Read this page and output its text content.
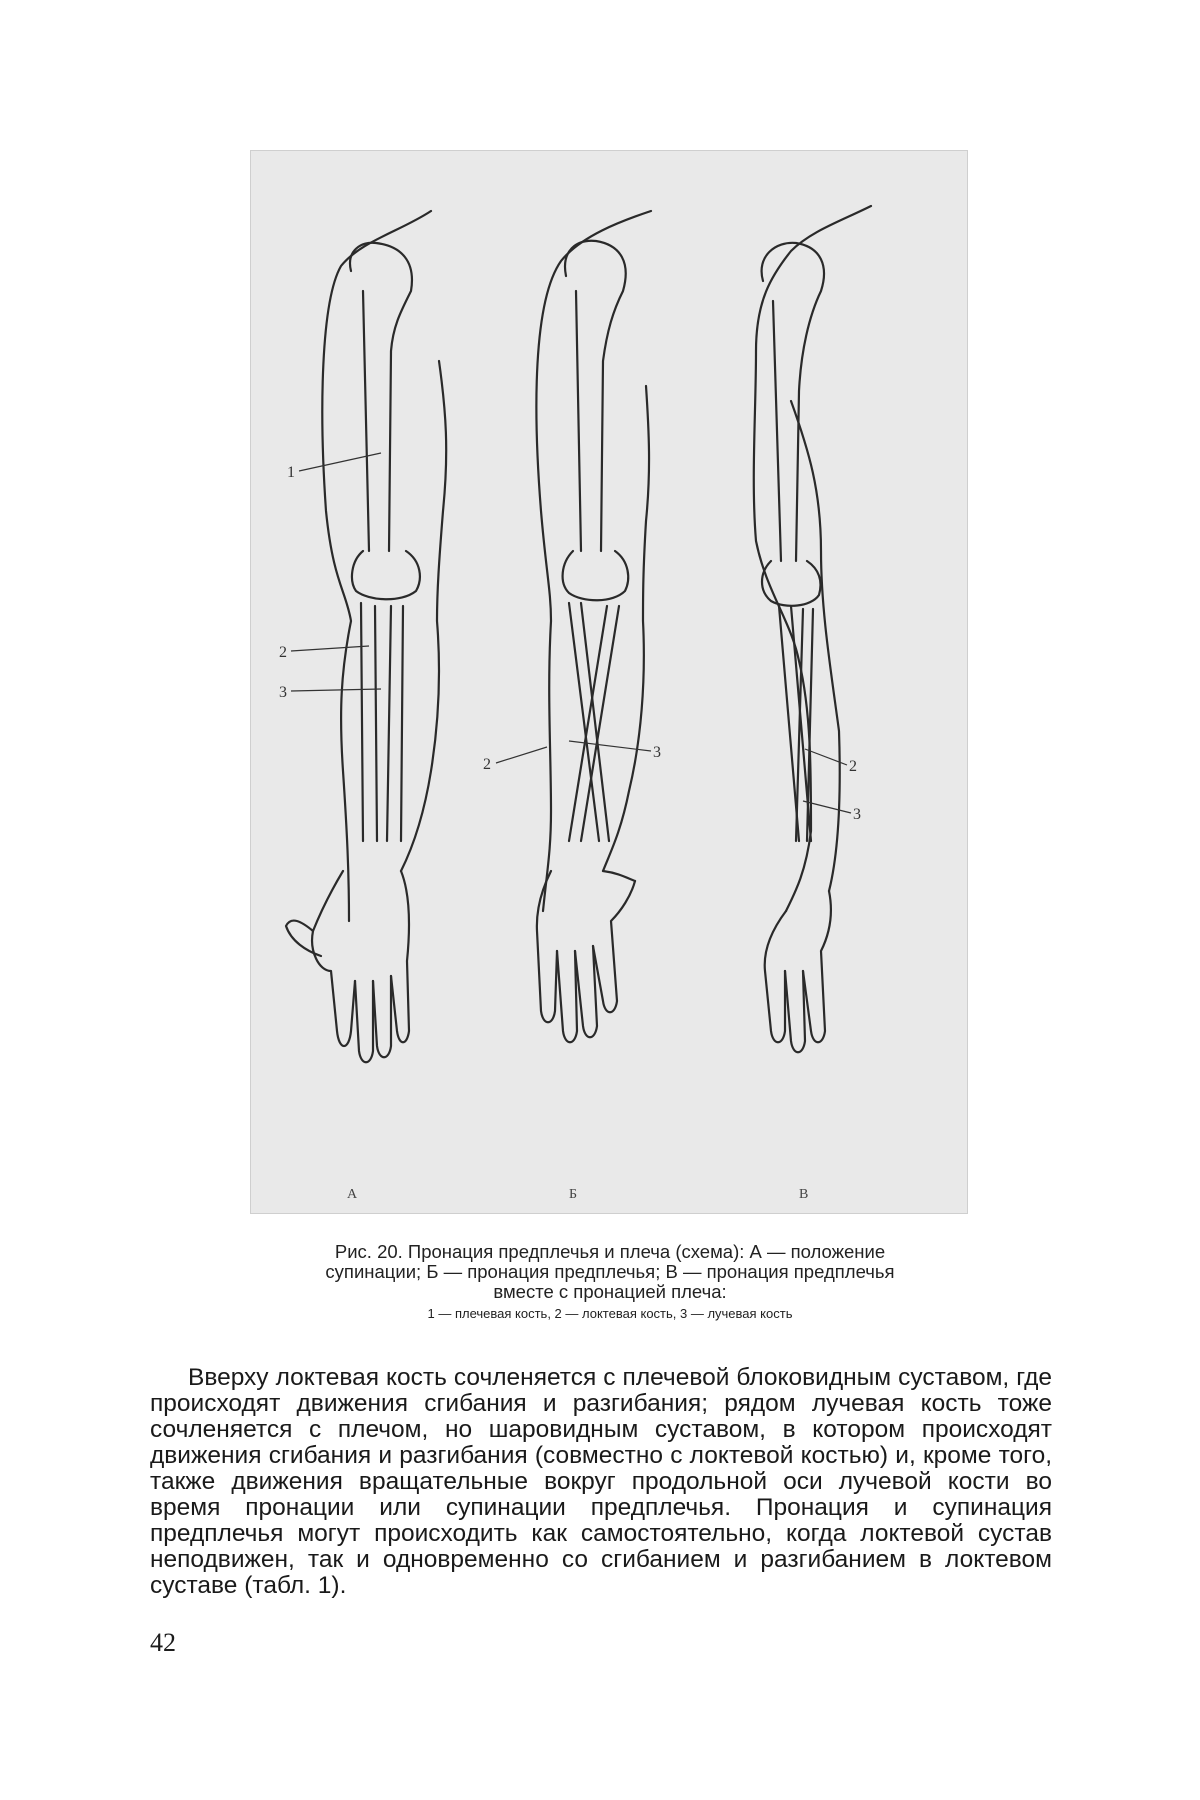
1
2
3
2
3
2
3
А	Б	В
Рис. 20. Пронация предплечья и плеча (схема): А — положение
супинации; Б — пронация предплечья; В — пронация предплечья
вместе с пронацией плеча:
1 — плечевая кость, 2 — локтевая кость, 3 — лучевая кость
Вверху локтевая кость сочленяется с плечевой блоковидным суставом, где происходят движения сгибания и разгибания; рядом лучевая кость тоже сочленяется с плечом, но шаровидным суставом, в котором происходят движения сгибания и разгибания (совместно с локтевой костью) и, кроме того, также движения вращательные вокруг продольной оси лучевой кости во время пронации или супинации предплечья. Пронация и супинация предплечья могут происходить как самостоятельно, когда локтевой сустав неподвижен, так и одновременно со сгибанием и разгибанием в локтевом суставе (табл. 1).
42
